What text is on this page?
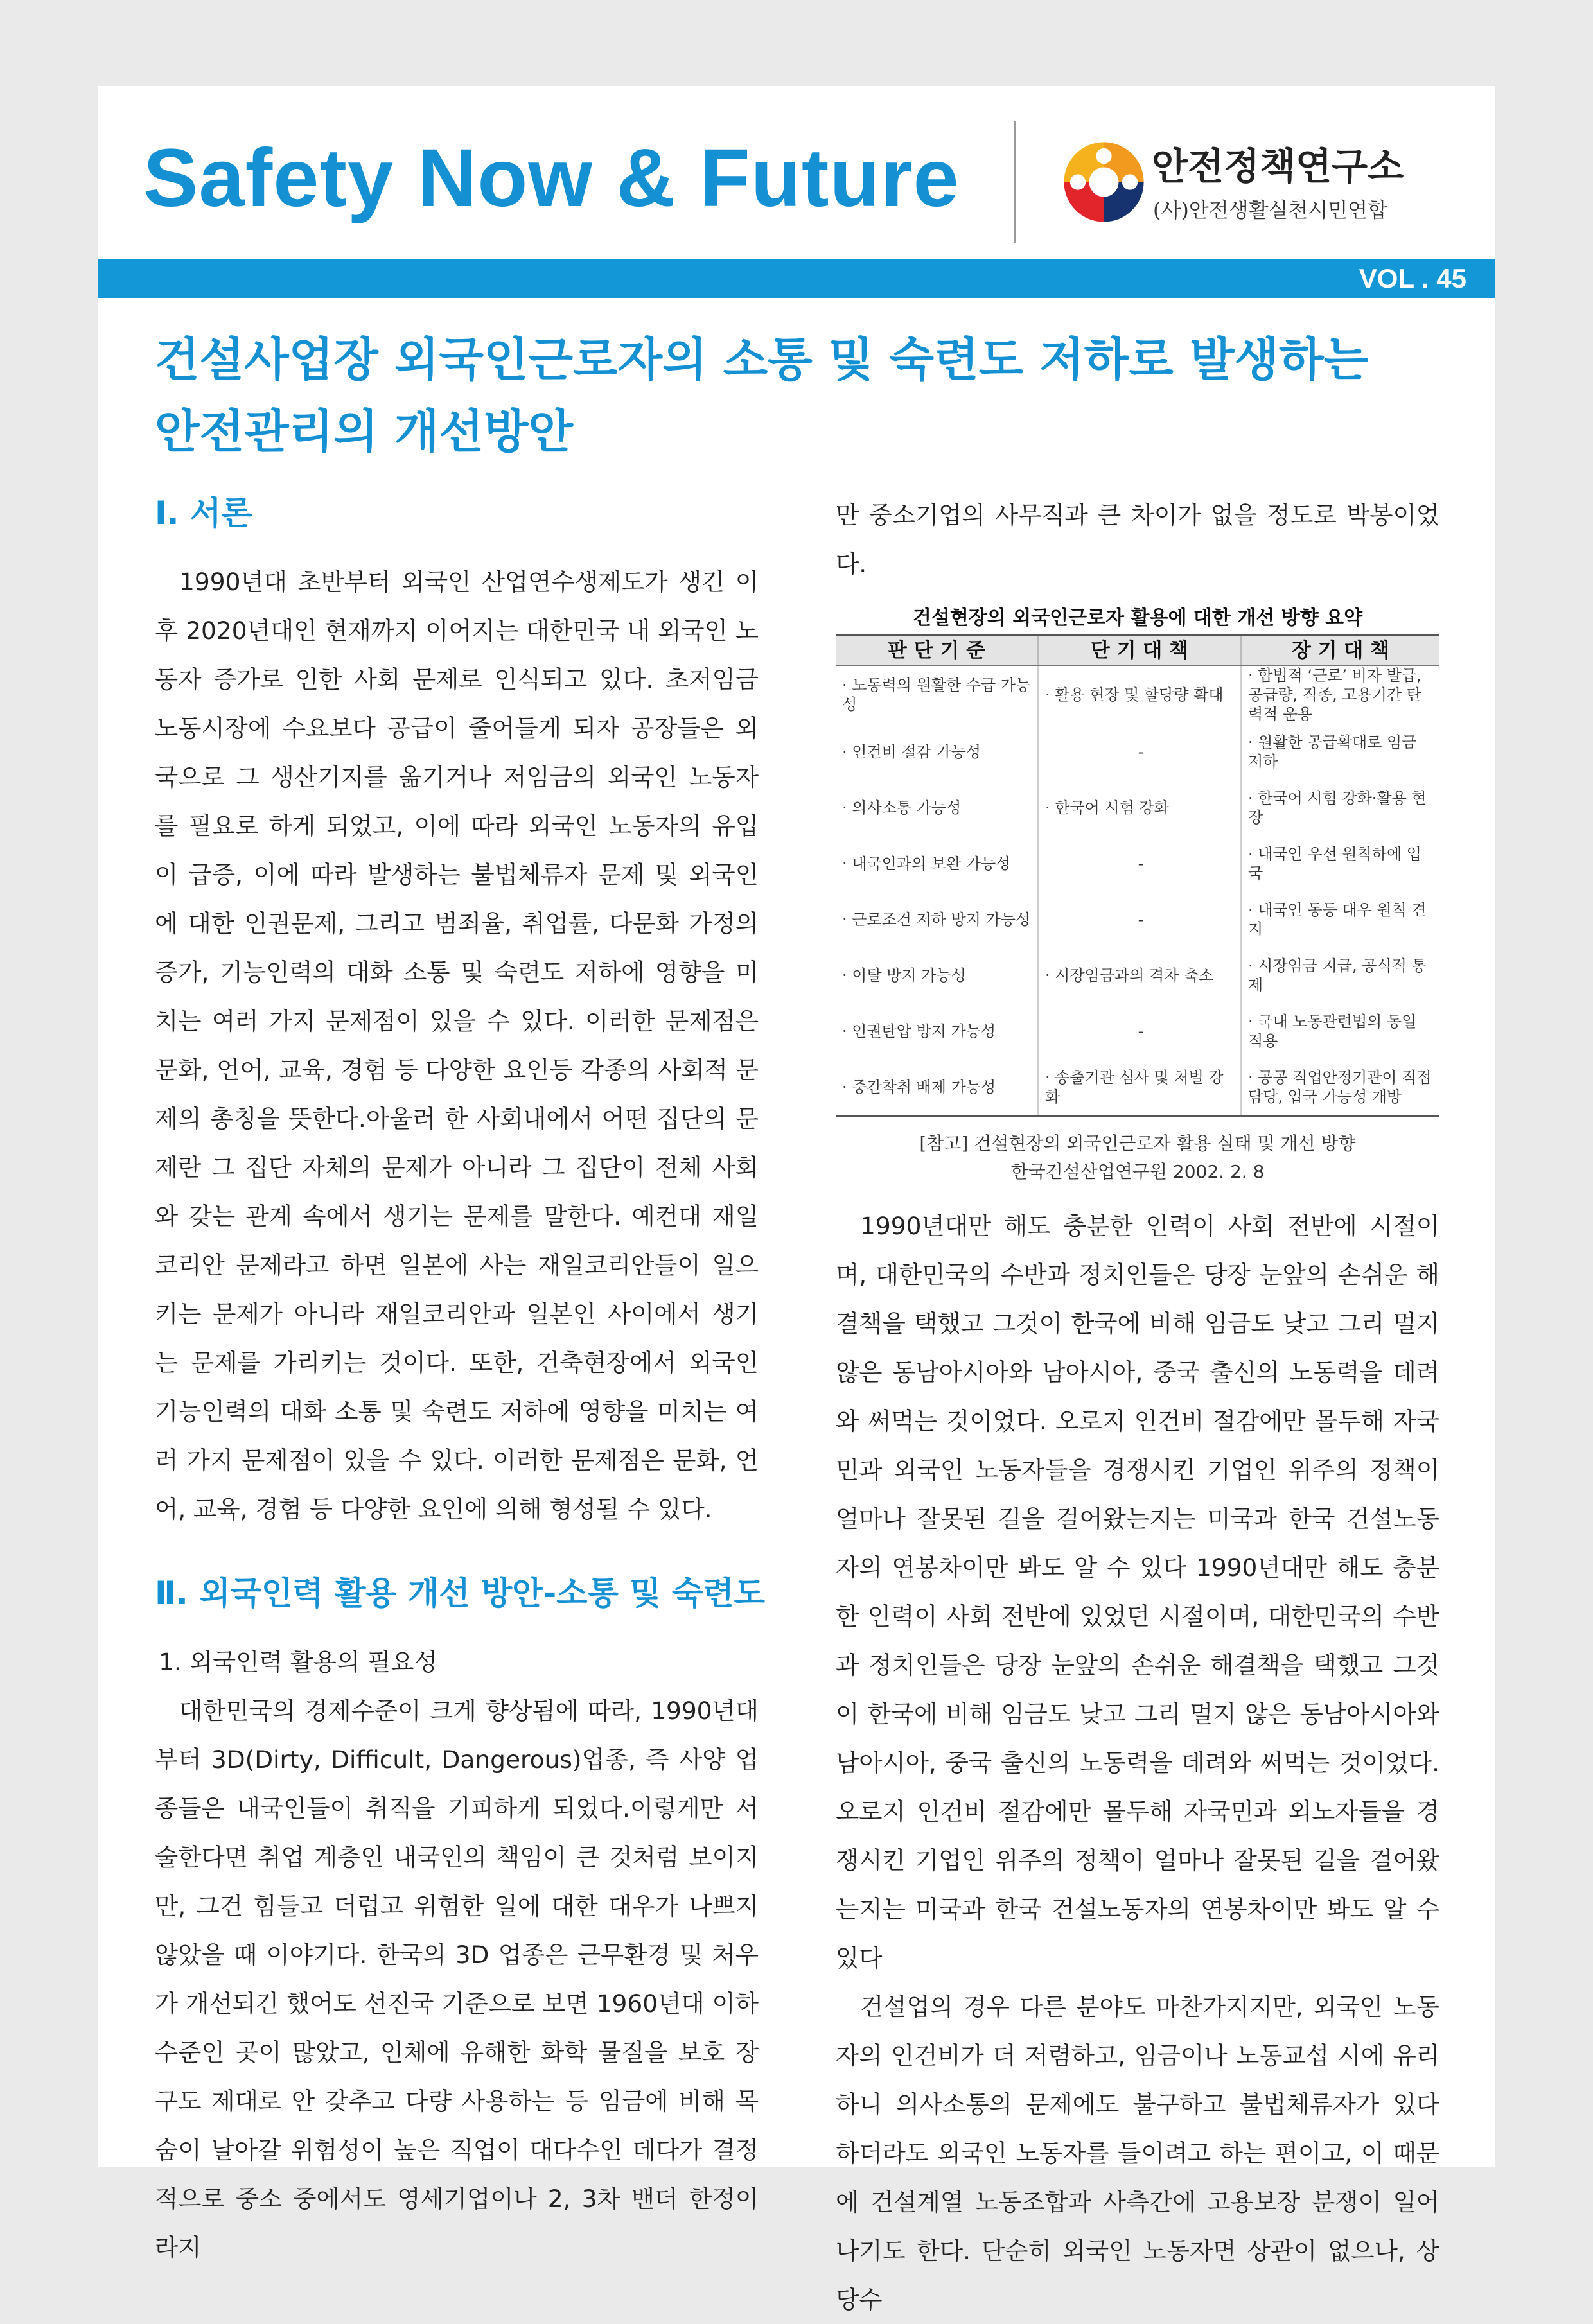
Safety Now & Future	안전정책연구소
(사)안전생활실천시민연합
VOL . 45
건설사업장 외국인근로자의 소통 및 숙련도 저하로 발생하는
안전관리의 개선방안
Ⅰ. 서론

1990년대 초반부터 외국인 산업연수생제도가 생긴 이후 2020년대인 현재까지 이어지는 대한민국 내 외국인 노동자 증가로 인한 사회 문제로 인식되고 있다. 초저임금 노동시장에 수요보다 공급이 줄어들게 되자 공장들은 외국으로 그 생산기지를 옮기거나 저임금의 외국인 노동자를 필요로 하게 되었고, 이에 따라 외국인 노동자의 유입이 급증, 이에 따라 발생하는 불법체류자 문제 및 외국인에 대한 인권문제, 그리고 범죄율, 취업률, 다문화 가정의 증가, 기능인력의 대화 소통 및 숙련도 저하에 영향을 미치는 여러 가지 문제점이 있을 수 있다. 이러한 문제점은 문화, 언어, 교육, 경험 등 다양한 요인등 각종의 사회적 문제의 총칭을 뜻한다.아울러 한 사회내에서 어떤 집단의 문제란 그 집단 자체의 문제가 아니라 그 집단이 전체 사회와 갖는 관계 속에서 생기는 문제를 말한다. 예컨대 재일코리안 문제라고 하면 일본에 사는 재일코리안들이 일으키는 문제가 아니라 재일코리안과 일본인 사이에서 생기는 문제를 가리키는 것이다. 또한, 건축현장에서 외국인 기능인력의 대화 소통 및 숙련도 저하에 영향을 미치는 여러 가지 문제점이 있을 수 있다. 이러한 문제점은 문화, 언어, 교육, 경험 등 다양한 요인에 의해 형성될 수 있다.

Ⅱ. 외국인력 활용 개선 방안-소통 및 숙련도
1. 외국인력 활용의 필요성

대한민국의 경제수준이 크게 향상됨에 따라, 1990년대부터 3D(Dirty, Difficult, Dangerous)업종, 즉 사양 업종들은 내국인들이 취직을 기피하게 되었다.이렇게만 서술한다면 취업 계층인 내국인의 책임이 큰 것처럼 보이지만, 그건 힘들고 더럽고 위험한 일에 대한 대우가 나쁘지 않았을 때 이야기다. 한국의 3D 업종은 근무환경 및 처우가 개선되긴 했어도 선진국 기준으로 보면 1960년대 이하 수준인 곳이 많았고, 인체에 유해한 화학 물질을 보호 장구도 제대로 안 갖추고 다량 사용하는 등 임금에 비해 목숨이 날아갈 위험성이 높은 직업이 대다수인 데다가 결정적으로 중소 중에서도 영세기업이나 2, 3차 밴더 한정이라지

만 중소기업의 사무직과 큰 차이가 없을 정도로 박봉이었다.

건설현장의 외국인근로자 활용에 대한 개선 방향 요약
판 단 기 준	단 기 대 책	장 기 대 책
· 노동력의 원활한 수급 가능성	· 활용 현장 및 할당량 확대	· 합법적 ‘근로’ 비자 발급, 공급량, 직종, 고용기간 탄력적 운용
· 인건비 절감 가능성	-	· 원활한 공급확대로 임금 저하
· 의사소통 가능성	· 한국어 시험 강화	· 한국어 시험 강화·활용 현장
· 내국인과의 보완 가능성	-	· 내국인 우선 원칙하에 입국
· 근로조건 저하 방지 가능성	-	· 내국인 동등 대우 원칙 견지
· 이탈 방지 가능성	· 시장임금과의 격차 축소	· 시장임금 지급, 공식적 통제
· 인권탄압 방지 가능성	-	· 국내 노동관련법의 동일 적용
· 중간착취 배제 가능성	· 송출기관 심사 및 처벌 강화	· 공공 직업안정기관이 직접 담당, 입국 가능성 개방
[참고] 건설현장의 외국인근로자 활용 실태 및 개선 방향
한국건설산업연구원 2002. 2. 8

1990년대만 해도 충분한 인력이 사회 전반에 시절이며, 대한민국의 수반과 정치인들은 당장 눈앞의 손쉬운 해결책을 택했고 그것이 한국에 비해 임금도 낮고 그리 멀지 않은 동남아시아와 남아시아, 중국 출신의 노동력을 데려와 써먹는 것이었다. 오로지 인건비 절감에만 몰두해 자국민과 외국인 노동자들을 경쟁시킨 기업인 위주의 정책이 얼마나 잘못된 길을 걸어왔는지는 미국과 한국 건설노동자의 연봉차이만 봐도 알 수 있다 1990년대만 해도 충분한 인력이 사회 전반에 있었던 시절이며, 대한민국의 수반과 정치인들은 당장 눈앞의 손쉬운 해결책을 택했고 그것이 한국에 비해 임금도 낮고 그리 멀지 않은 동남아시아와 남아시아, 중국 출신의 노동력을 데려와 써먹는 것이었다. 오로지 인건비 절감에만 몰두해 자국민과 외노자들을 경쟁시킨 기업인 위주의 정책이 얼마나 잘못된 길을 걸어왔는지는 미국과 한국 건설노동자의 연봉차이만 봐도 알 수 있다

건설업의 경우 다른 분야도 마찬가지지만, 외국인 노동자의 인건비가 더 저렴하고, 임금이나 노동교섭 시에 유리하니 의사소통의 문제에도 불구하고 불법체류자가 있다 하더라도 외국인 노동자를 들이려고 하는 편이고, 이 때문에 건설계열 노동조합과 사측간에 고용보장 분쟁이 일어나기도 한다. 단순히 외국인 노동자면 상관이 없으나, 상당수
